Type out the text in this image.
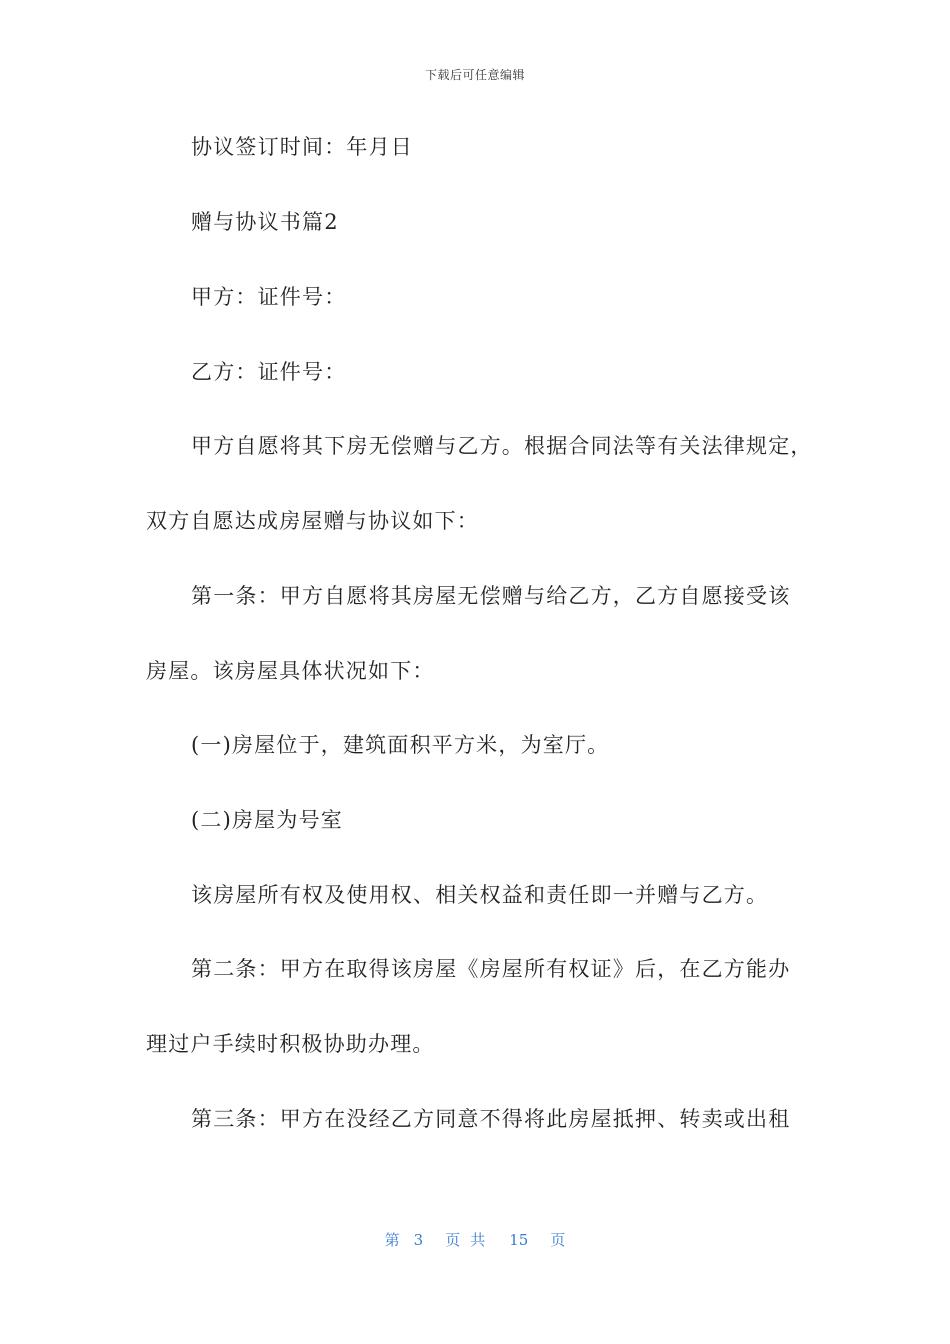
下载后可任意编辑
协议签订时间：年月日
赠与协议书篇2
甲方：证件号：
乙方：证件号：
甲方自愿将其下房无偿赠与乙方。根据合同法等有关法律规定，
双方自愿达成房屋赠与协议如下：
第一条：甲方自愿将其房屋无偿赠与给乙方，乙方自愿接受该
房屋。该房屋具体状况如下：
(一)房屋位于，建筑面积平方米，为室厅。
(二)房屋为号室
该房屋所有权及使用权、相关权益和责任即一并赠与乙方。
第二条：甲方在取得该房屋《房屋所有权证》后，在乙方能办
理过户手续时积极协助办理。
第三条：甲方在没经乙方同意不得将此房屋抵押、转卖或出租
第 3 页共 15 页
